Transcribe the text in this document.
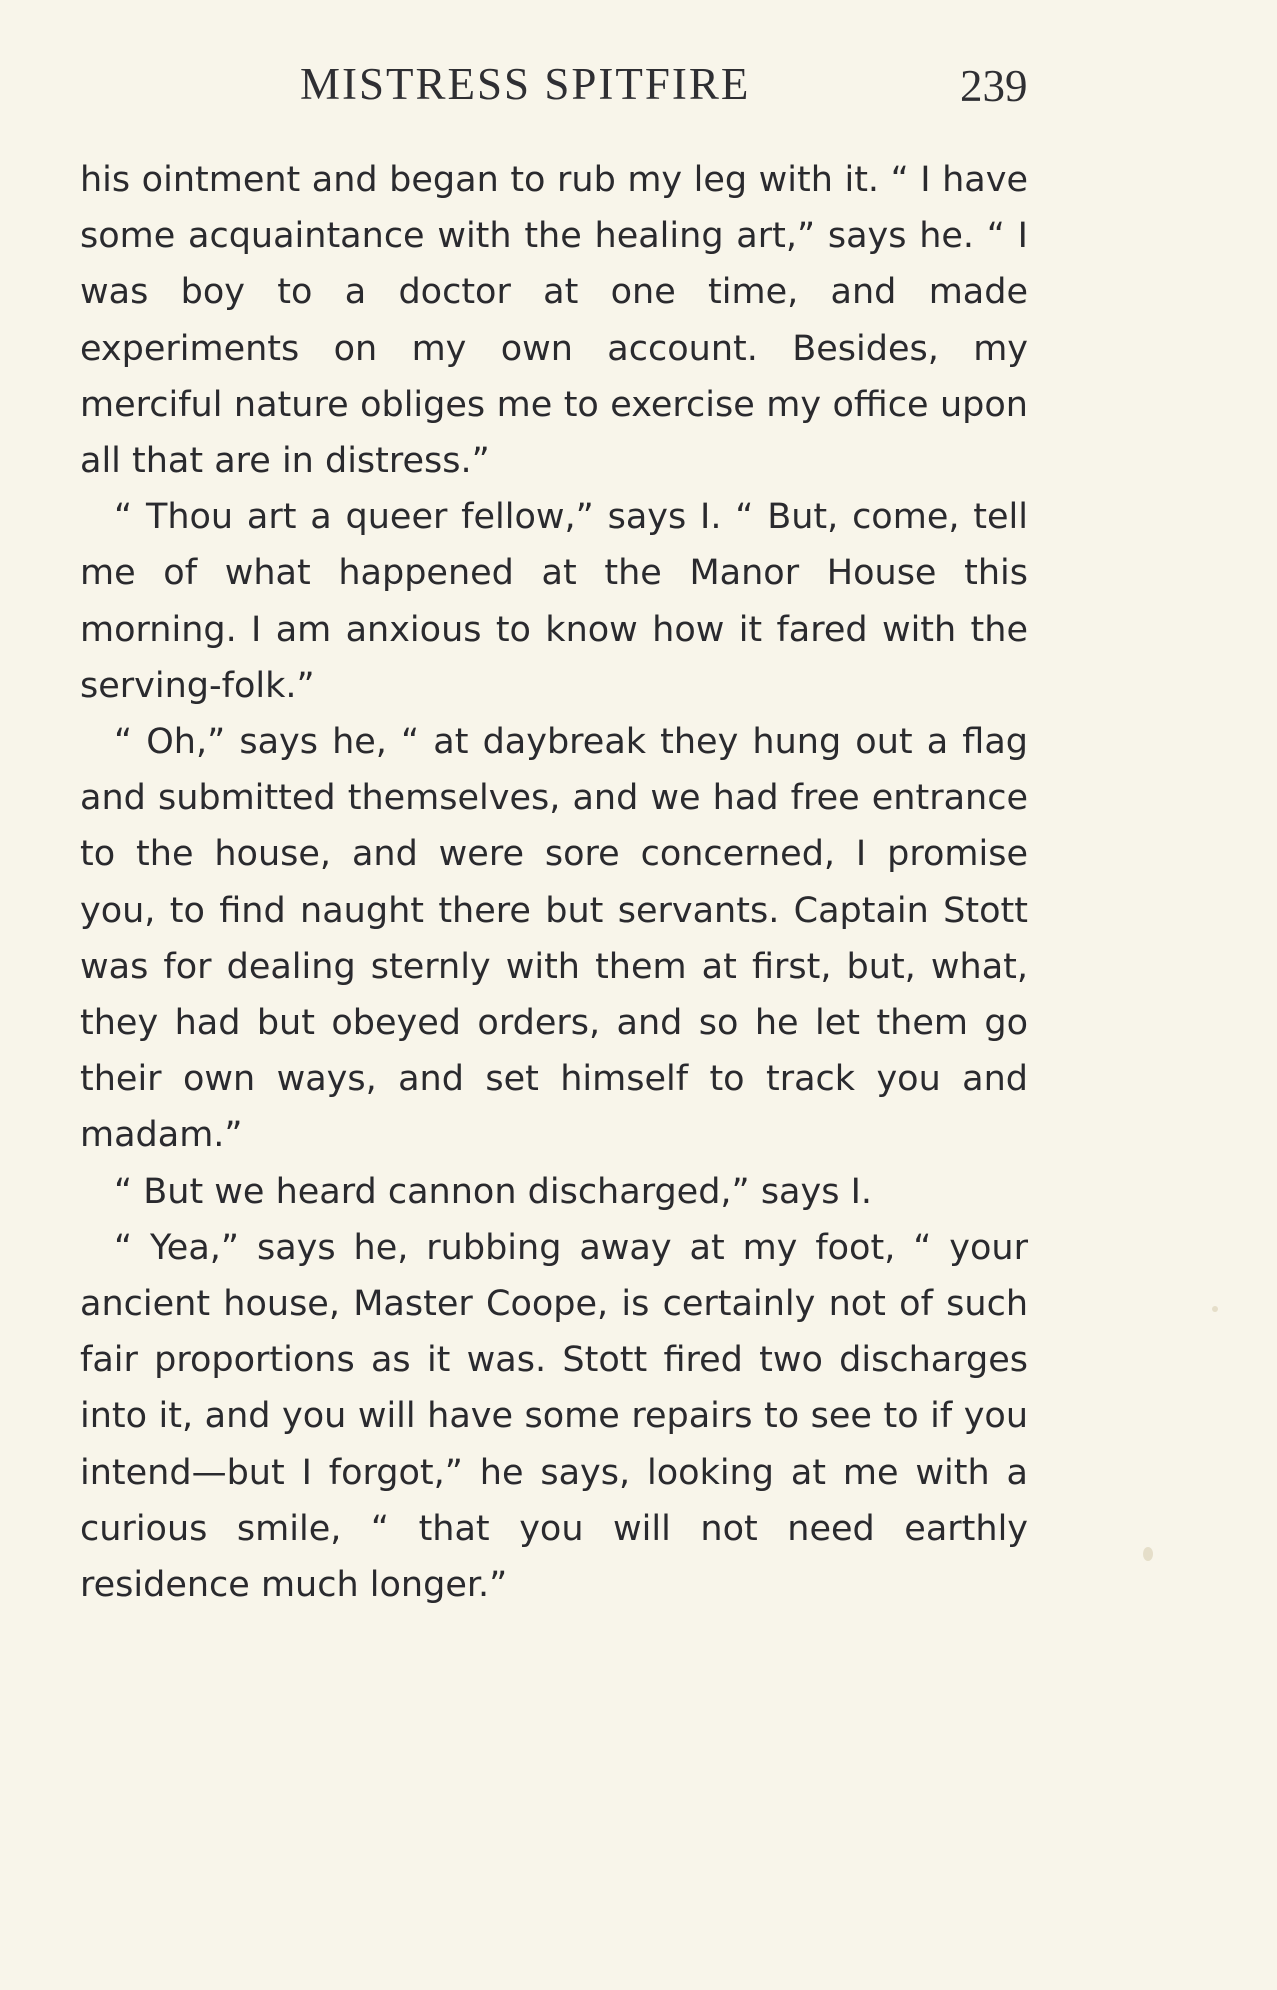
MISTRESS SPITFIRE	239

his ointment and began to rub my leg with it. “ I have some acquaintance with the healing art,” says he. “ I was boy to a doctor at one time, and made experiments on my own account. Besides, my merciful nature obliges me to exercise my office upon all that are in distress.”

“ Thou art a queer fellow,” says I. “ But, come, tell me of what happened at the Manor House this morning. I am anxious to know how it fared with the serving-folk.”

“ Oh,” says he, “ at daybreak they hung out a flag and submitted themselves, and we had free entrance to the house, and were sore concerned, I promise you, to find naught there but servants. Captain Stott was for dealing sternly with them at first, but, what, they had but obeyed orders, and so he let them go their own ways, and set himself to track you and madam.”

“ But we heard cannon discharged,” says I.

“ Yea,” says he, rubbing away at my foot, “ your ancient house, Master Coope, is certainly not of such fair proportions as it was. Stott fired two discharges into it, and you will have some repairs to see to if you intend—but I forgot,” he says, looking at me with a curious smile, “ that you will not need earthly residence much longer.”
